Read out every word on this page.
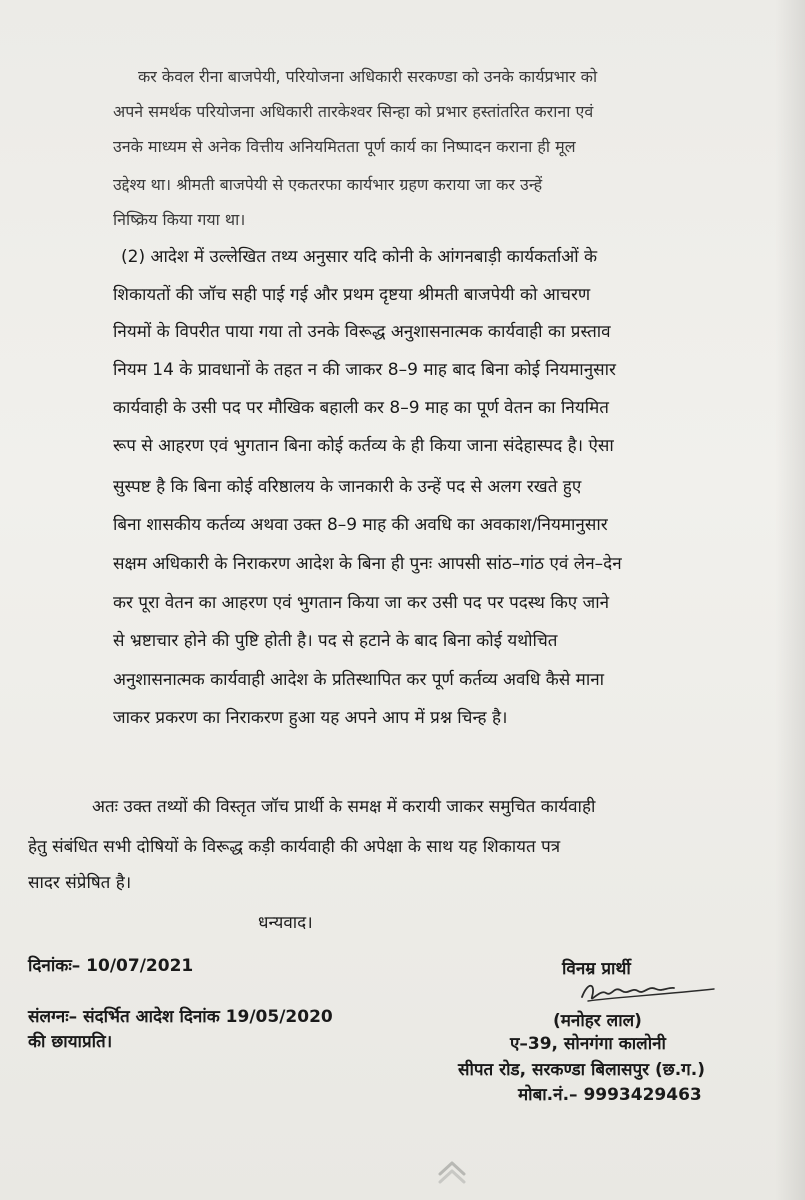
कर केवल रीना बाजपेयी, परियोजना अधिकारी सरकण्डा को उनके कार्यप्रभार को
अपने समर्थक परियोजना अधिकारी तारकेश्वर सिन्हा को प्रभार हस्तांतरित कराना एवं
उनके माध्यम से अनेक वित्तीय अनियमितता पूर्ण कार्य का निष्पादन कराना ही मूल
उद्देश्य था। श्रीमती बाजपेयी से एकतरफा कार्यभार ग्रहण कराया जा कर उन्हें
निष्क्रिय किया गया था।
(2) आदेश में उल्लेखित तथ्य अनुसार यदि कोनी के आंगनबाड़ी कार्यकर्ताओं के
शिकायतों की जॉच सही पाई गई और प्रथम दृष्टया श्रीमती बाजपेयी को आचरण
नियमों के विपरीत पाया गया तो उनके विरूद्ध अनुशासनात्मक कार्यवाही का प्रस्ताव
नियम 14 के प्रावधानों के तहत न की जाकर 8–9 माह बाद बिना कोई नियमानुसार
कार्यवाही के उसी पद पर मौखिक बहाली कर 8–9 माह का पूर्ण वेतन का नियमित
रूप से आहरण एवं भुगतान बिना कोई कर्तव्य के ही किया जाना संदेहास्पद है। ऐसा
सुस्पष्ट है कि बिना कोई वरिष्ठालय के जानकारी के उन्हें पद से अलग रखते हुए
बिना शासकीय कर्तव्य अथवा उक्त 8–9 माह की अवधि का अवकाश/नियमानुसार
सक्षम अधिकारी के निराकरण आदेश के बिना ही पुनः आपसी सांठ–गांठ एवं लेन–देन
कर पूरा वेतन का आहरण एवं भुगतान किया जा कर उसी पद पर पदस्थ किए जाने
से भ्रष्टाचार होने की पुष्टि होती है। पद से हटाने के बाद बिना कोई यथोचित
अनुशासनात्मक कार्यवाही आदेश के प्रतिस्थापित कर पूर्ण कर्तव्य अवधि कैसे माना
जाकर प्रकरण का निराकरण हुआ यह अपने आप में प्रश्न चिन्ह है।
अतः उक्त तथ्यों की विस्तृत जॉच प्रार्थी के समक्ष में करायी जाकर समुचित कार्यवाही
हेतु संबंधित सभी दोषियों के विरूद्ध कड़ी कार्यवाही की अपेक्षा के साथ यह शिकायत पत्र
सादर संप्रेषित है।
धन्यवाद।
दिनांकः– 10/07/2021
संलग्नः– संदर्भित आदेश दिनांक 19/05/2020
की छायाप्रति।
विनम्र प्रार्थी
(मनोहर लाल)
ए–39, सोनगंगा कालोनी
सीपत रोड, सरकण्डा बिलासपुर (छ.ग.)
मोबा.नं.– 9993429463
